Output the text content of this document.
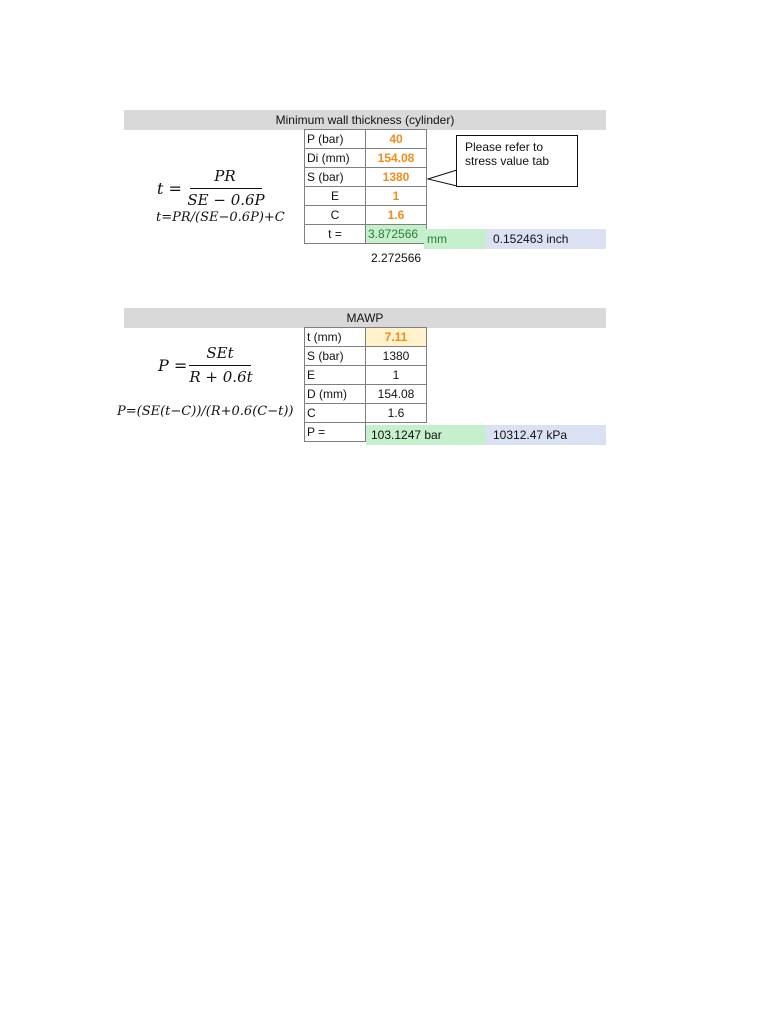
Minimum wall thickness (cylinder)
t =
PR
SE − 0.6P
t=PR/(SE−0.6P)+C
P (bar)	40
Di (mm)	154.08
S (bar)	1380
E	1
C	1.6
t =	3.872566 mm	0.152463 inch
2.272566
Please refer to stress value tab
MAWP
P =
SEt
R + 0.6t
P=(SE(t−C))/(R+0.6(C−t))
t (mm)	7.11
S (bar)	1380
E	1
D (mm)	154.08
C	1.6
P =		103.1247 bar	10312.47 kPa
